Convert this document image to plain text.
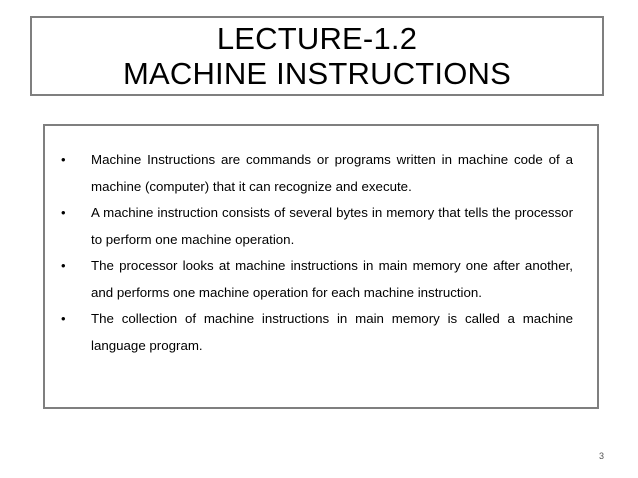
LECTURE-1.2
MACHINE INSTRUCTIONS
• Machine Instructions are commands or programs written in machine code of a machine (computer) that it can recognize and execute.
• A machine instruction consists of several bytes in memory that tells the processor to perform one machine operation.
• The processor looks at machine instructions in main memory one after another, and performs one machine operation for each machine instruction.
• The collection of machine instructions in main memory is called a machine language program.
3
